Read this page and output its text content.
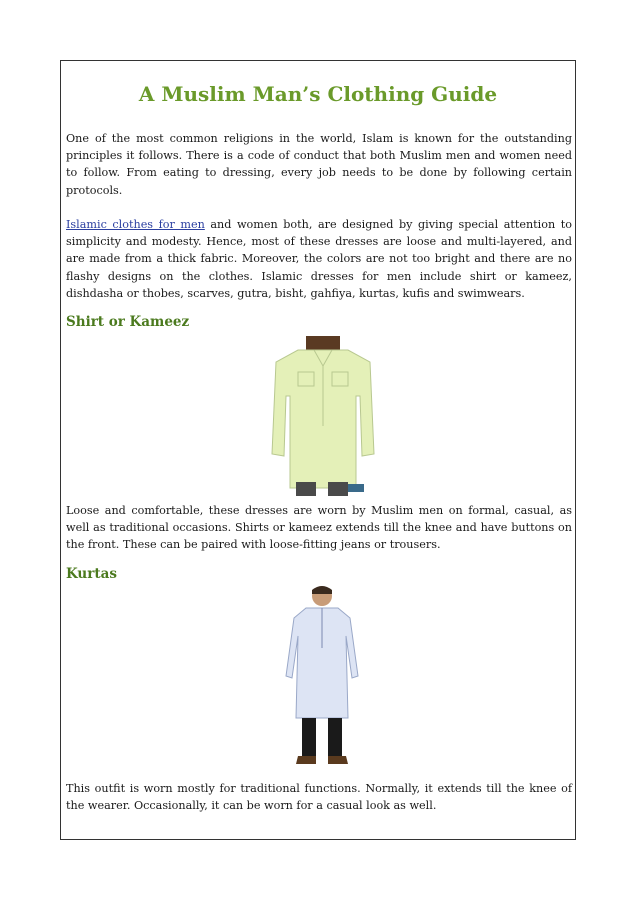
A Muslim Man’s Clothing Guide

One of the most common religions in the world, Islam is known for the outstanding principles it follows. There is a code of conduct that both Muslim men and women need to follow. From eating to dressing, every job needs to be done by following certain protocols.

Islamic clothes for men and women both, are designed by giving special attention to simplicity and modesty. Hence, most of these dresses are loose and multi-layered, and are made from a thick fabric. Moreover, the colors are not too bright and there are no flashy designs on the clothes. Islamic dresses for men include shirt or kameez, dishdasha or thobes, scarves, gutra, bisht, gahfiya, kurtas, kufis and swimwears.

Shirt or Kameez

Loose and comfortable, these dresses are worn by Muslim men on formal, casual, as well as traditional occasions. Shirts or kameez extends till the knee and have buttons on the front. These can be paired with loose-fitting jeans or trousers.

Kurtas

This outfit is worn mostly for traditional functions. Normally, it extends till the knee of the wearer. Occasionally, it can be worn for a casual look as well.
